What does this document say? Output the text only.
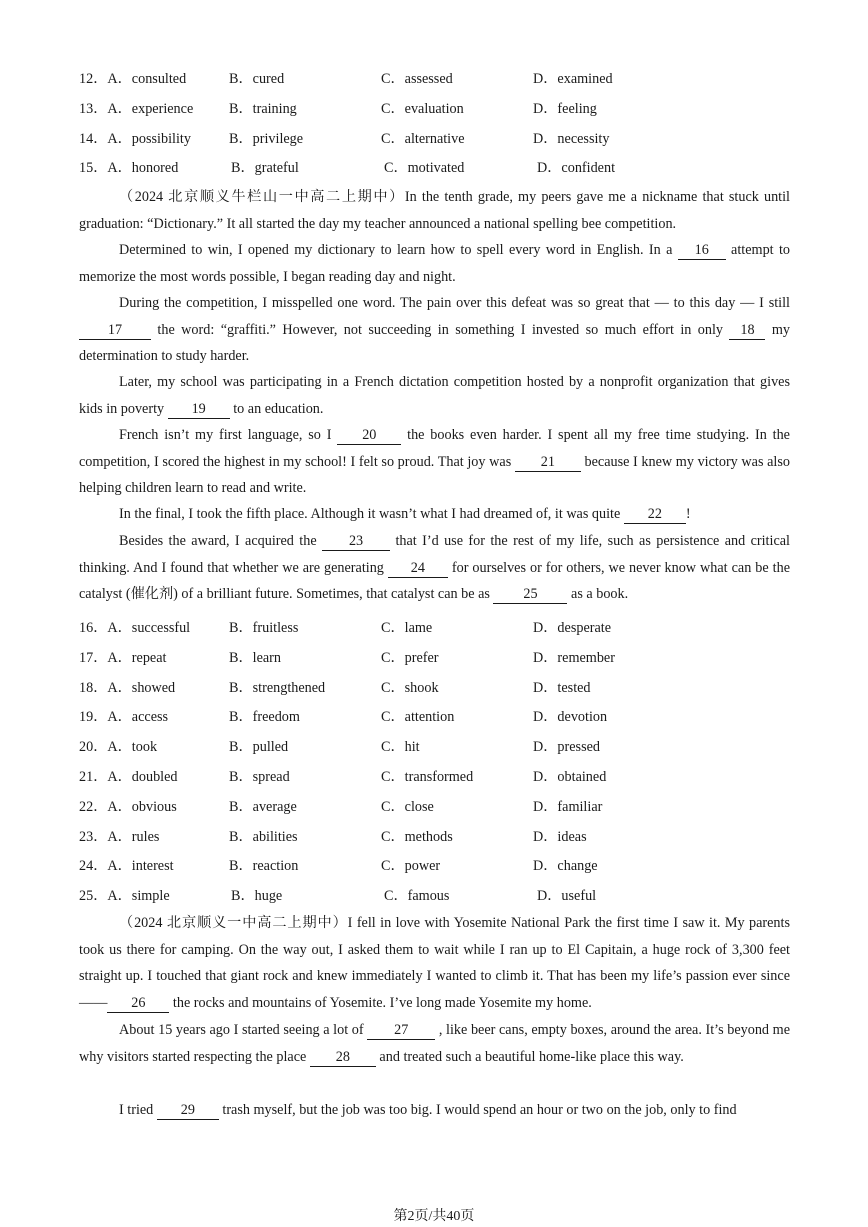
12．A．consulted	B．cured	C．assessed	D．examined
13．A．experience	B．training	C．evaluation	D．feeling
14．A．possibility	B．privilege	C．alternative	D．necessity
15．A．honored	B．grateful	C．motivated	D．confident
（2024 北京顺义牛栏山一中高二上期中）In the tenth grade, my peers gave me a nickname that stuck until graduation: “Dictionary.” It all started the day my teacher announced a national spelling bee competition.
Determined to win, I opened my dictionary to learn how to spell every word in English. In a 16 attempt to memorize the most words possible, I began reading day and night.
During the competition, I misspelled one word. The pain over this defeat was so great that — to this day — I still 17 the word: “graffiti.” However, not succeeding in something I invested so much effort in only 18 my determination to study harder.
Later, my school was participating in a French dictation competition hosted by a nonprofit organization that gives kids in poverty 19 to an education.
French isn’t my first language, so I 20 the books even harder. I spent all my free time studying. In the competition, I scored the highest in my school! I felt so proud. That joy was 21 because I knew my victory was also helping children learn to read and write.
In the final, I took the fifth place. Although it wasn’t what I had dreamed of, it was quite 22 !
Besides the award, I acquired the 23 that I’d use for the rest of my life, such as persistence and critical thinking. And I found that whether we are generating 24 for ourselves or for others, we never know what can be the catalyst (催化剂) of a brilliant future. Sometimes, that catalyst can be as 25 as a book.
16．A．successful	B．fruitless	C．lame	D．desperate
17．A．repeat	B．learn	C．prefer	D．remember
18．A．showed	B．strengthened	C．shook	D．tested
19．A．access	B．freedom	C．attention	D．devotion
20．A．took	B．pulled	C．hit	D．pressed
21．A．doubled	B．spread	C．transformed	D．obtained
22．A．obvious	B．average	C．close	D．familiar
23．A．rules	B．abilities	C．methods	D．ideas
24．A．interest	B．reaction	C．power	D．change
25．A．simple	B．huge	C．famous	D．useful
（2024 北京顺义一中高二上期中）I fell in love with Yosemite National Park the first time I saw it. My parents took us there for camping. On the way out, I asked them to wait while I ran up to El Capitain, a huge rock of 3,300 feet straight up. I touched that giant rock and knew immediately I wanted to climb it. That has been my life’s passion ever since —— 26 the rocks and mountains of Yosemite. I’ve long made Yosemite my home.
About 15 years ago I started seeing a lot of 27 , like beer cans, empty boxes, around the area. It’s beyond me why visitors started respecting the place 28 and treated such a beautiful home-like place this way.
I tried 29 trash myself, but the job was too big. I would spend an hour or two on the job, only to find
第2页/共40页
